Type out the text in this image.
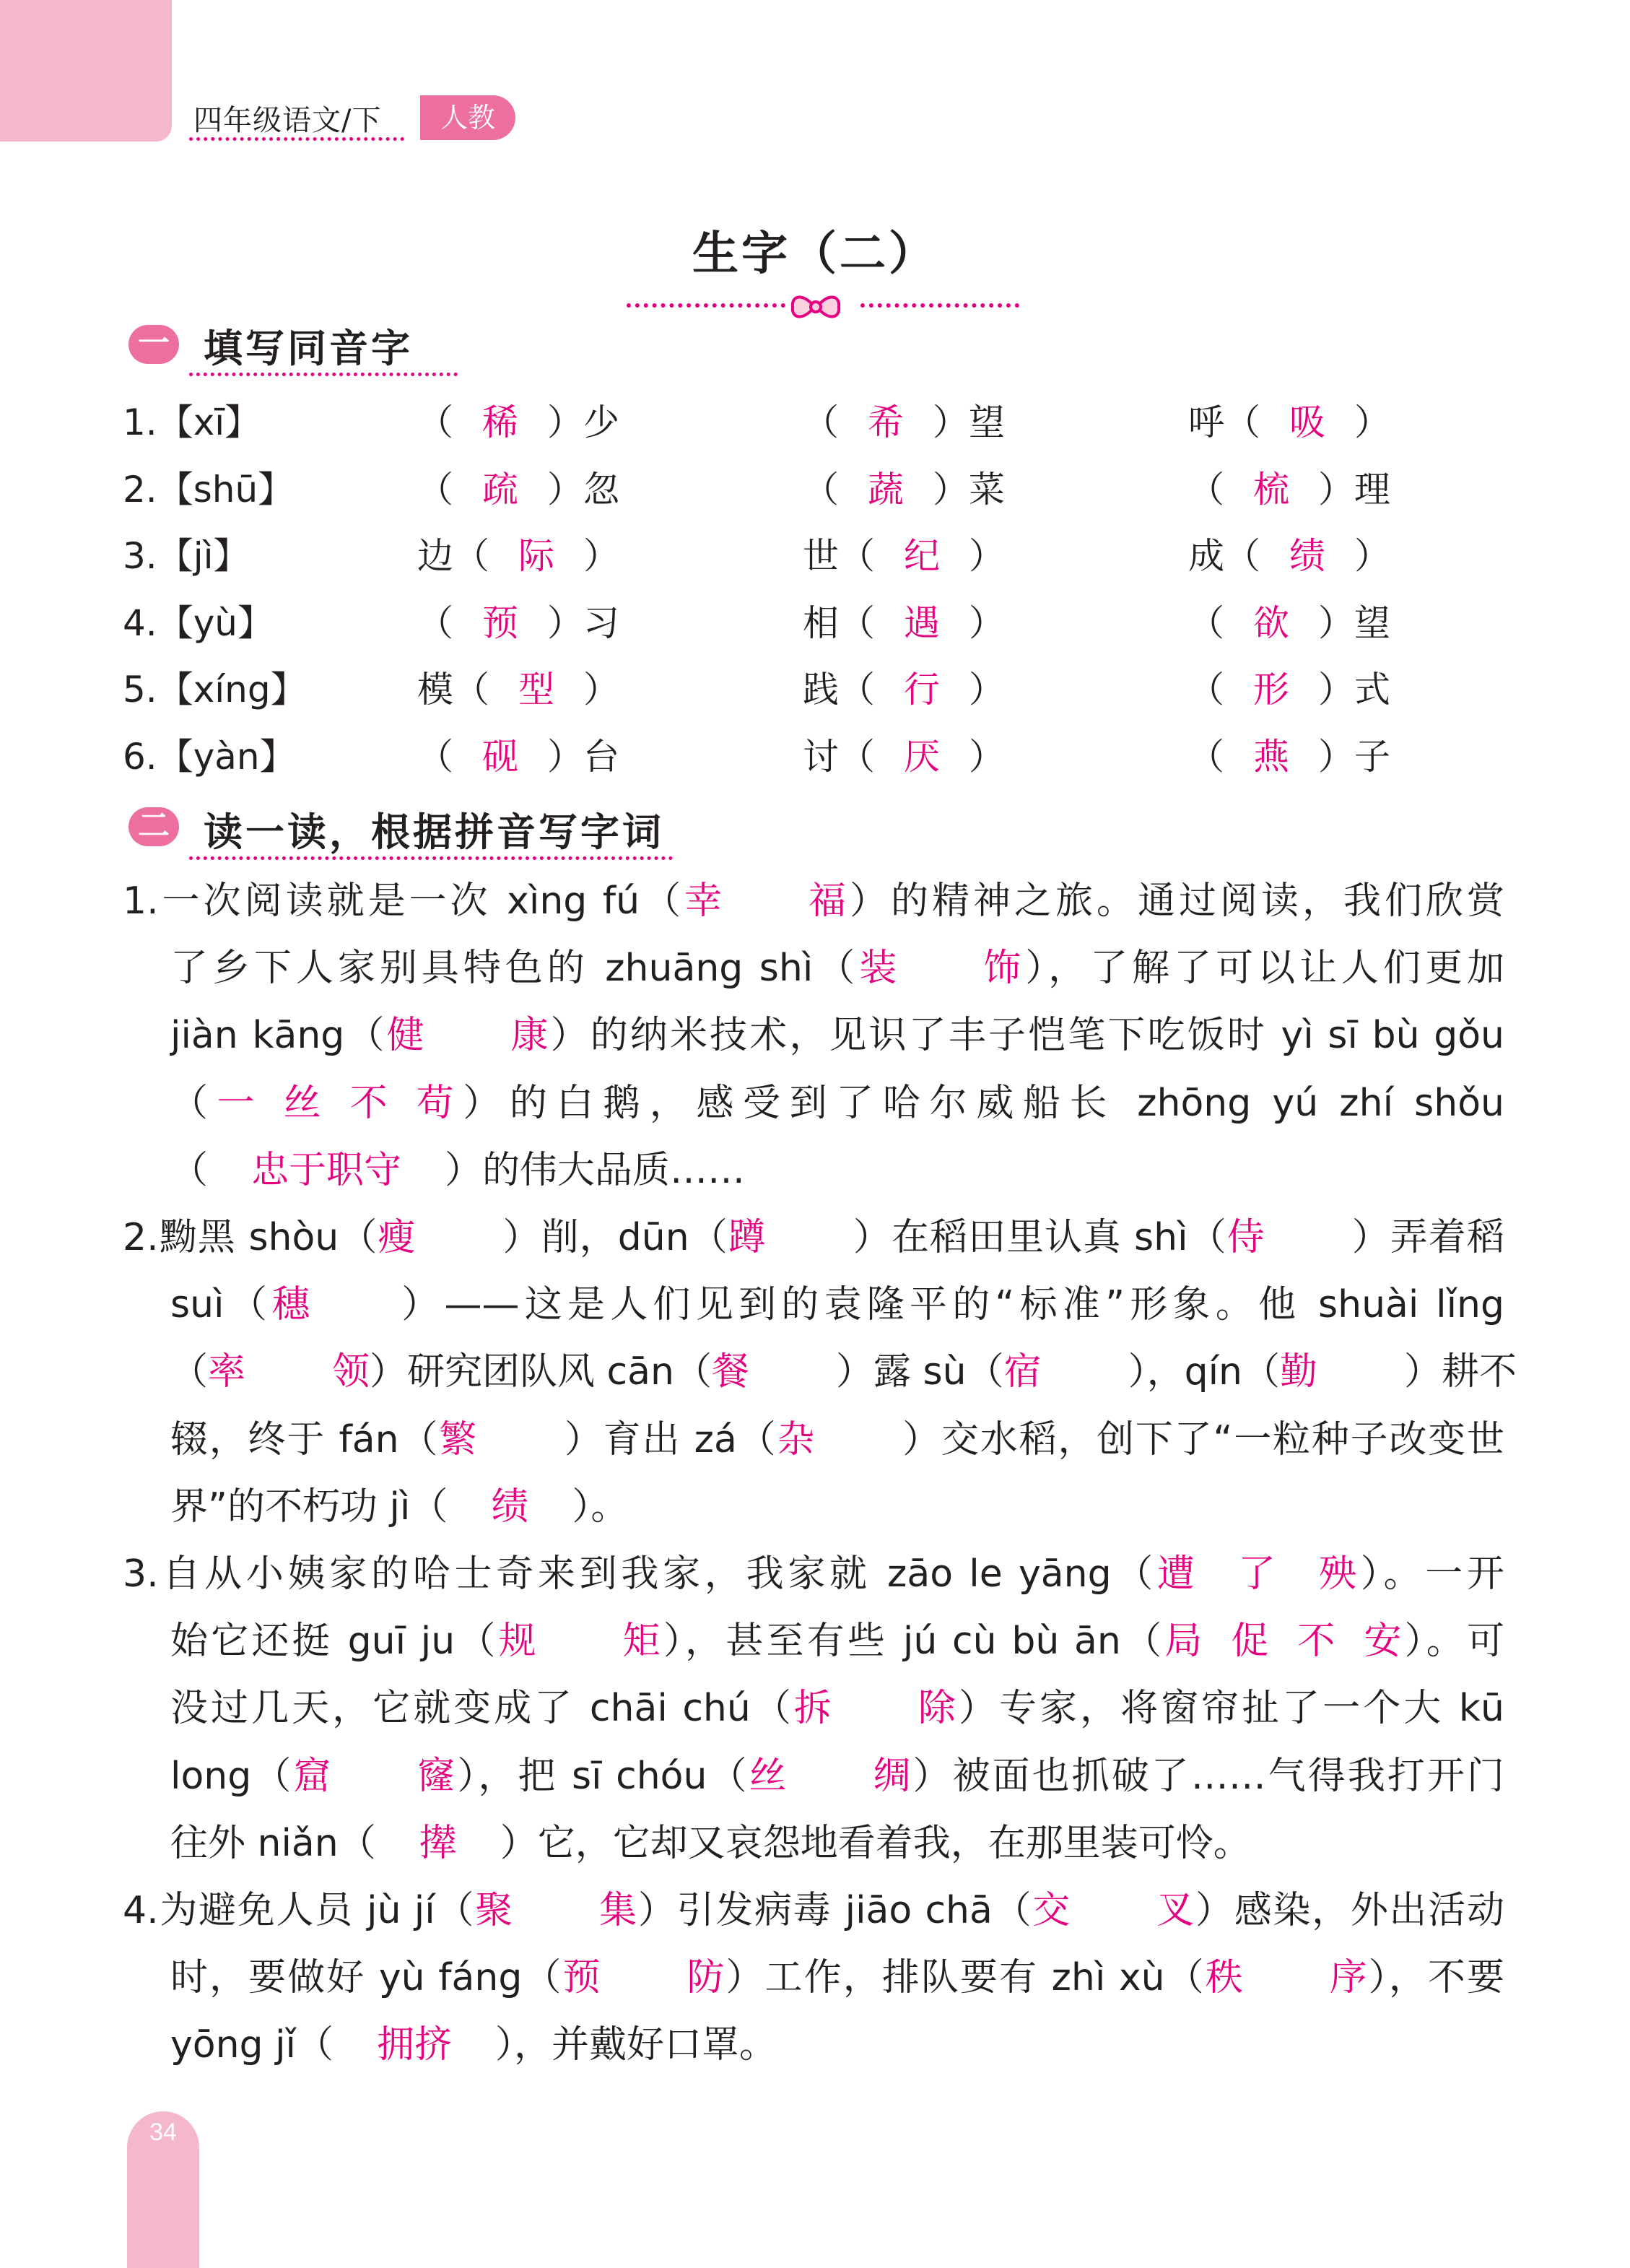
四年级语文/下	人教
生字（二）
一 填写同音字
1.【xī】	（ 稀 ）少	（ 希 ）望	呼（ 吸 ）
2.【shū】	（ 疏 ）忽	（ 蔬 ）菜	（ 梳 ）理
3.【jì】	边（ 际 ）	世（ 纪 ）	成（ 绩 ）
4.【yù】	（ 预 ）习	相（ 遇 ）	（ 欲 ）望
5.【xíng】	模（ 型 ）	践（ 行 ）	（ 形 ）式
6.【yàn】	（ 砚 ）台	讨（ 厌 ）	（ 燕 ）子
二 读一读，根据拼音写字词
1.一次阅读就是一次 xìng fú（幸福）的精神之旅。通过阅读，我们欣赏
了乡下人家别具特色的 zhuāng shì（装饰），了解了可以让人们更加
jiàn kāng（健康）的纳米技术，见识了丰子恺笔下吃饭时 yì sī bù gǒu
（一丝不苟）的白鹅，感受到了哈尔威船长 zhōng yú zhí shǒu
（ 忠于职守 ）的伟大品质……
2.黝黑 shòu（瘦 ）削，dūn（蹲 ）在稻田里认真 shì（侍 ）弄着稻
suì（穗 ）——这是人们见到的袁隆平的“标准”形象。他 shuài lǐng
（率领）研究团队风 cān（餐 ）露 sù（宿 ），qín（勤 ）耕不
辍，终于 fán（繁 ）育出 zá（杂 ）交水稻，创下了“一粒种子改变世
界”的不朽功 jì（ 绩 ）。
3.自从小姨家的哈士奇来到我家，我家就 zāo le yāng（遭了殃）。一开
始它还挺 guī ju（规矩），甚至有些 jú cù bù ān（局促不安）。可
没过几天，它就变成了 chāi chú（拆除）专家，将窗帘扯了一个大 kū
long（窟窿），把 sī chóu（丝绸）被面也抓破了……气得我打开门
往外 niǎn（ 撵 ）它，它却又哀怨地看着我，在那里装可怜。
4.为避免人员 jù jí（聚集）引发病毒 jiāo chā（交叉）感染，外出活动
时，要做好 yù fáng（预防）工作，排队要有 zhì xù（秩序），不要
yōng jǐ（ 拥挤 ），并戴好口罩。
34
